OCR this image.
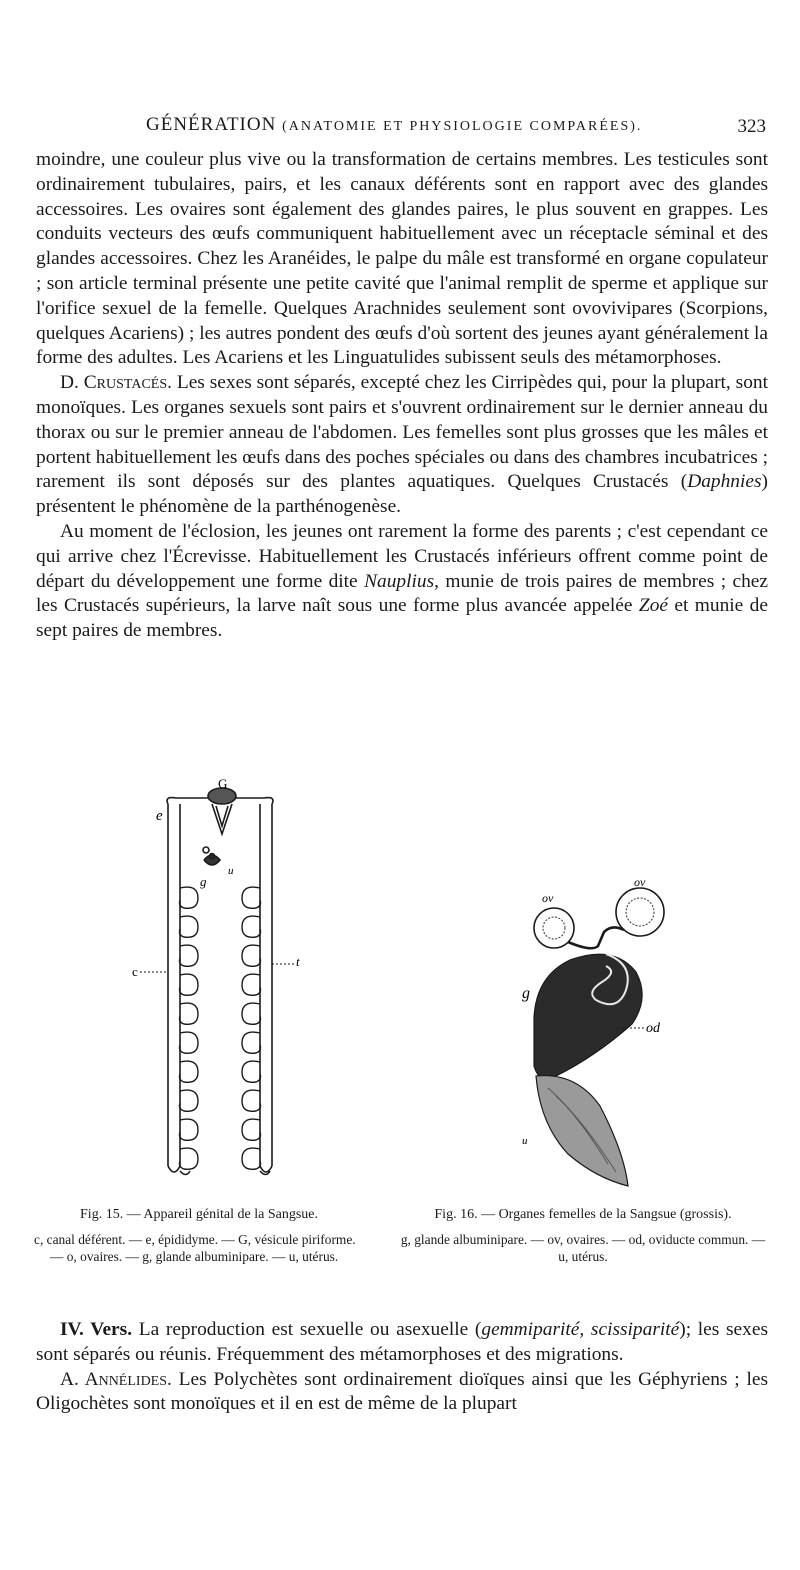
GÉNÉRATION (ANATOMIE ET PHYSIOLOGIE COMPARÉES).	323

moindre, une couleur plus vive ou la transformation de certains membres. Les testicules sont ordinairement tubulaires, pairs, et les canaux déférents sont en rapport avec des glandes accessoires. Les ovaires sont également des glandes paires, le plus souvent en grappes. Les conduits vecteurs des œufs communiquent habituellement avec un réceptacle séminal et des glandes accessoires. Chez les Aranéides, le palpe du mâle est transformé en organe copulateur ; son article terminal présente une petite cavité que l'animal remplit de sperme et applique sur l'orifice sexuel de la femelle. Quelques Arachnides seulement sont ovovivipares (Scorpions, quelques Acariens) ; les autres pondent des œufs d'où sortent des jeunes ayant généralement la forme des adultes. Les Acariens et les Linguatulides subissent seuls des métamorphoses.

D. Crustacés. Les sexes sont séparés, excepté chez les Cirripèdes qui, pour la plupart, sont monoïques. Les organes sexuels sont pairs et s'ouvrent ordinairement sur le dernier anneau du thorax ou sur le premier anneau de l'abdomen. Les femelles sont plus grosses que les mâles et portent habituellement les œufs dans des poches spéciales ou dans des chambres incubatrices ; rarement ils sont déposés sur des plantes aquatiques. Quelques Crustacés (Daphnies) présentent le phénomène de la parthénogenèse.

Au moment de l'éclosion, les jeunes ont rarement la forme des parents ; c'est cependant ce qui arrive chez l'Écrevisse. Habituellement les Crustacés inférieurs offrent comme point de départ du développement une forme dite Nauplius, munie de trois paires de membres ; chez les Crustacés supérieurs, la larve naît sous une forme plus avancée appelée Zoé et munie de sept paires de membres.

G
e
c
t
g
u
ov
ov
g
od
u
Fig. 15. — Appareil génital de la Sangsue.
c, canal déférent. — e, épididyme. — G, vésicule piriforme. — o, ovaires. — g, glande albuminipare. — u, utérus.
Fig. 16. — Organes femelles de la Sangsue (grossis).
g, glande albuminipare. — ov, ovaires. — od, oviducte commun. — u, utérus.

IV. Vers. La reproduction est sexuelle ou asexuelle (gemmiparité, scissiparité); les sexes sont séparés ou réunis. Fréquemment des métamorphoses et des migrations.

A. Annélides. Les Polychètes sont ordinairement dioïques ainsi que les Géphyriens ; les Oligochètes sont monoïques et il en est de même de la plupart
